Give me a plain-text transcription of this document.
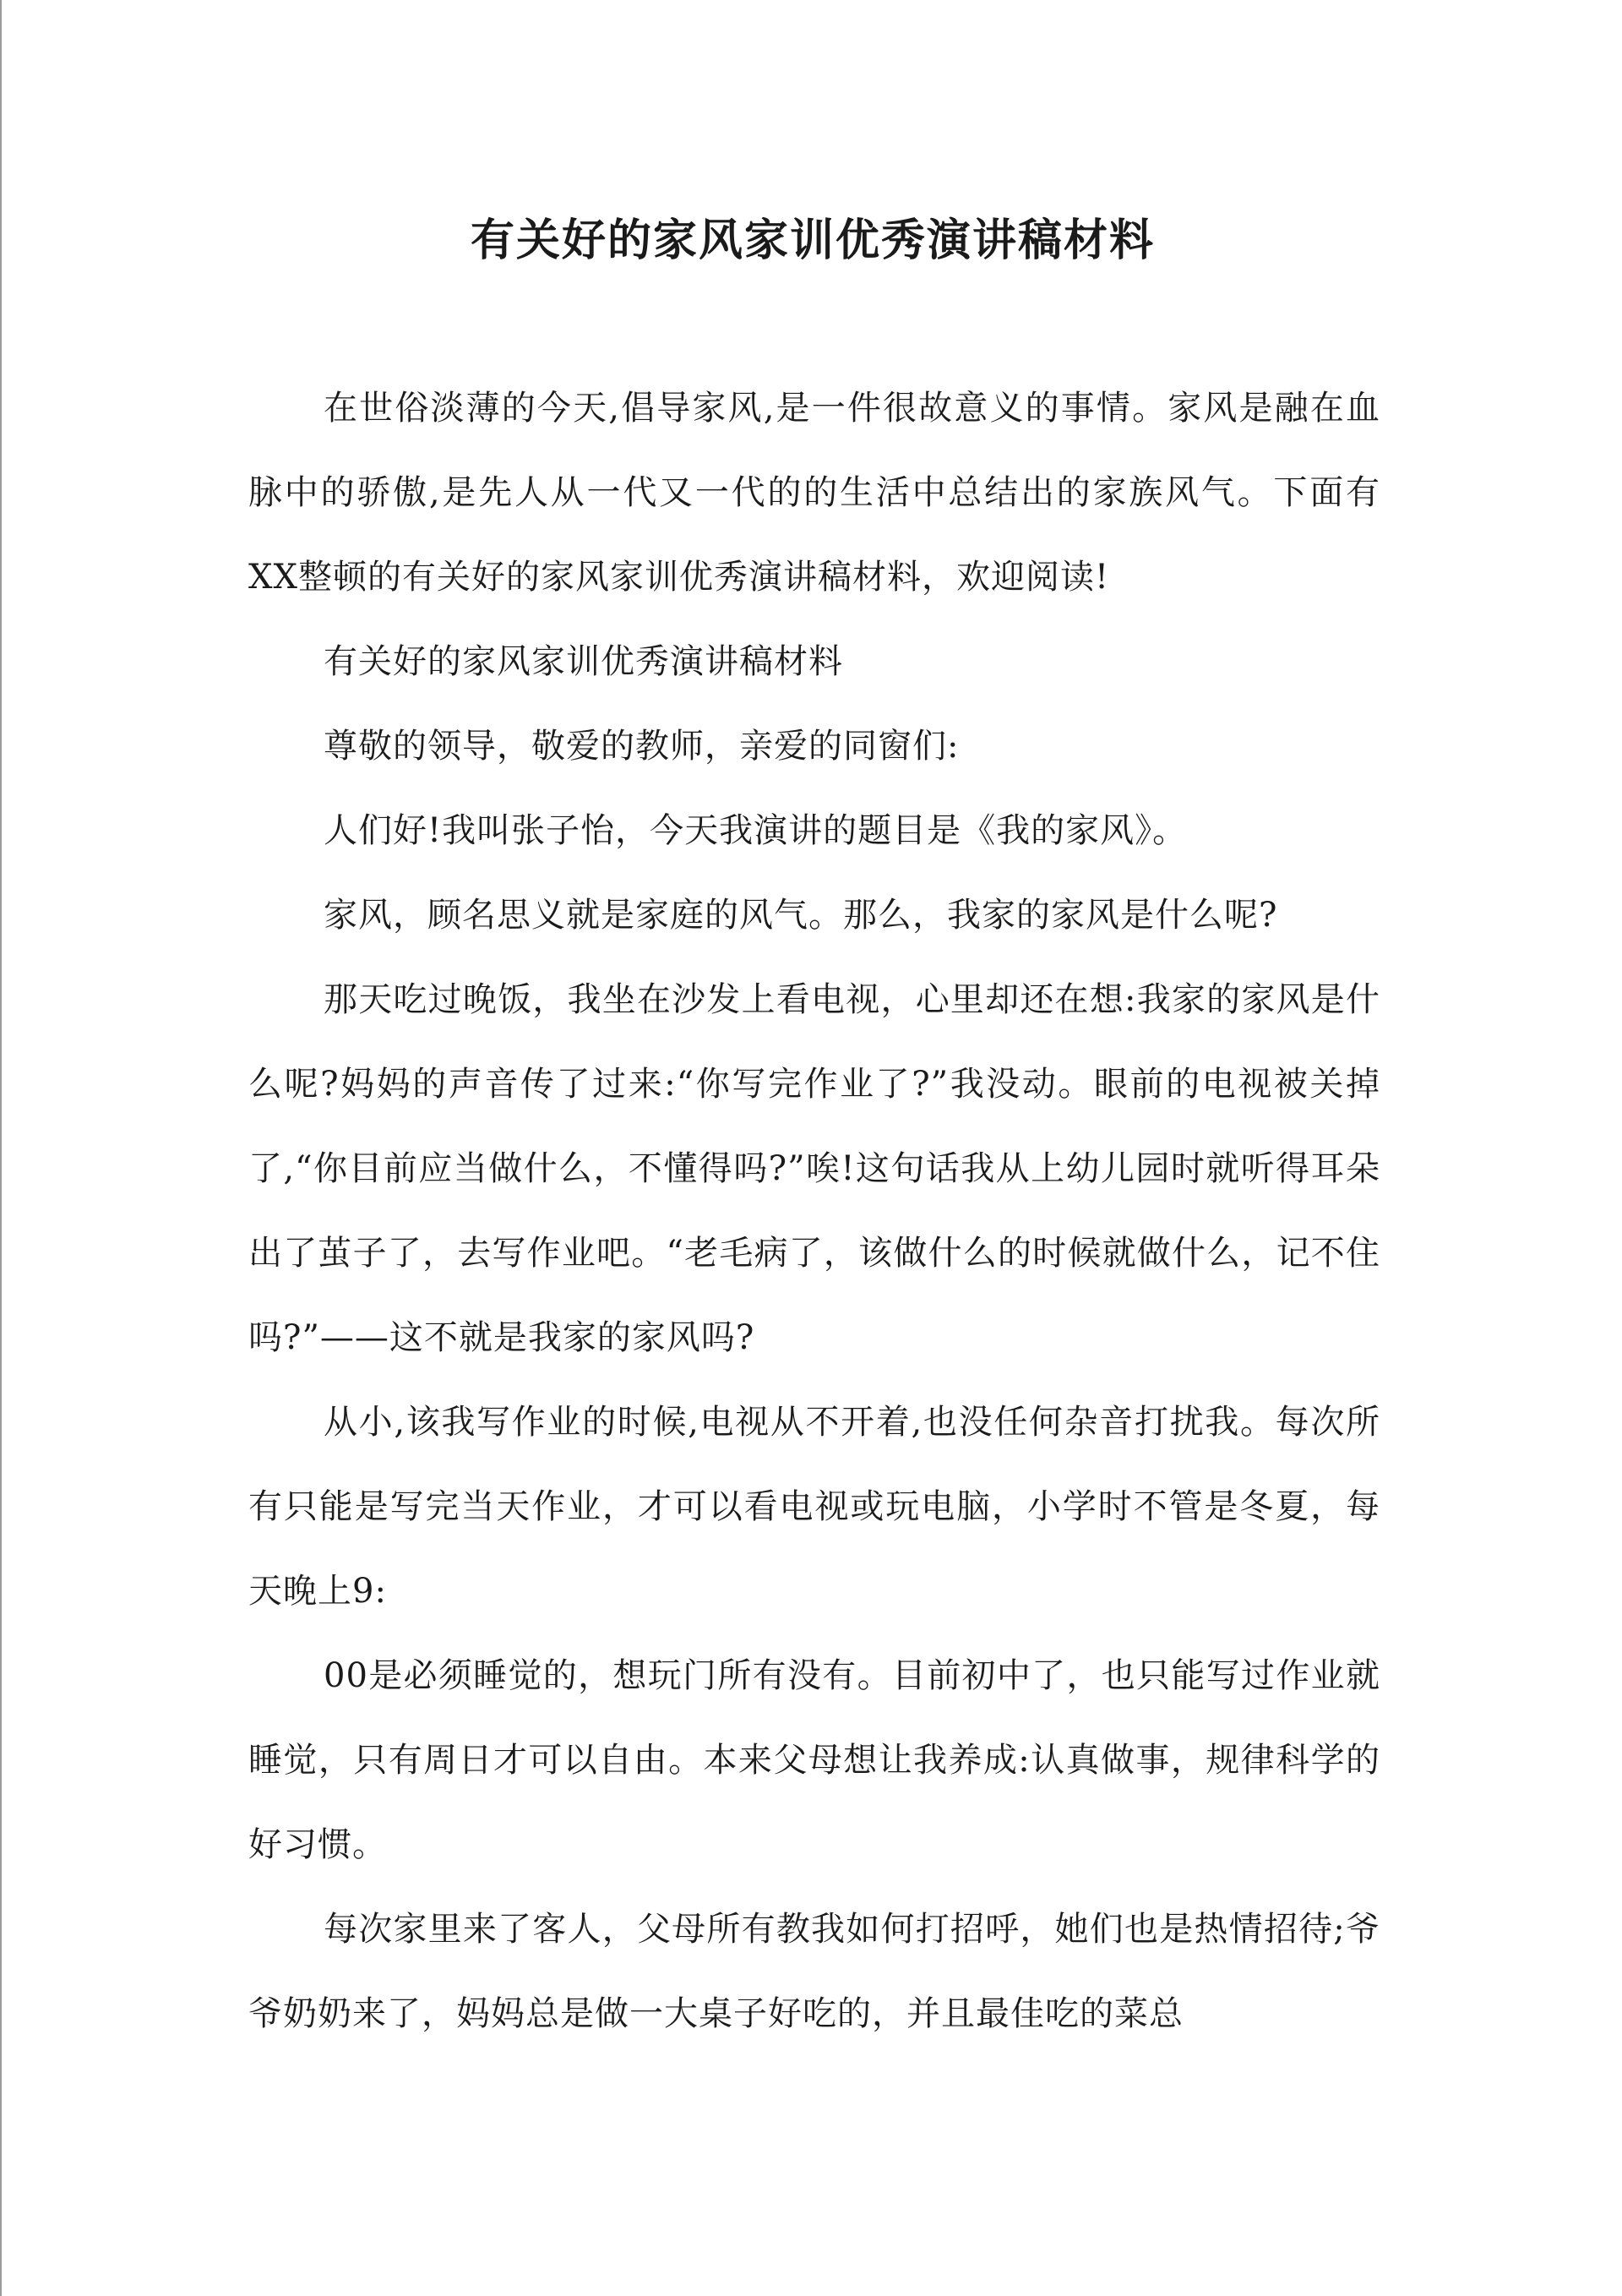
有关好的家风家训优秀演讲稿材料

在世俗淡薄的今天,倡导家风,是一件很故意义的事情。家风是融在血脉中的骄傲,是先人从一代又一代的的生活中总结出的家族风气。下面有XX整顿的有关好的家风家训优秀演讲稿材料，欢迎阅读!

有关好的家风家训优秀演讲稿材料

尊敬的领导，敬爱的教师，亲爱的同窗们:

人们好!我叫张子怡，今天我演讲的题目是《我的家风》。

家风，顾名思义就是家庭的风气。那么，我家的家风是什么呢?

那天吃过晚饭，我坐在沙发上看电视，心里却还在想:我家的家风是什么呢?妈妈的声音传了过来:“你写完作业了?”我没动。眼前的电视被关掉了,“你目前应当做什么，不懂得吗?”唉!这句话我从上幼儿园时就听得耳朵出了茧子了，去写作业吧。“老毛病了，该做什么的时候就做什么，记不住吗?”——这不就是我家的家风吗?

从小,该我写作业的时候,电视从不开着,也没任何杂音打扰我。每次所有只能是写完当天作业，才可以看电视或玩电脑，小学时不管是冬夏，每天晚上9:

00是必须睡觉的，想玩门所有没有。目前初中了，也只能写过作业就睡觉，只有周日才可以自由。本来父母想让我养成:认真做事，规律科学的好习惯。

每次家里来了客人，父母所有教我如何打招呼，她们也是热情招待;爷爷奶奶来了，妈妈总是做一大桌子好吃的，并且最佳吃的菜总
